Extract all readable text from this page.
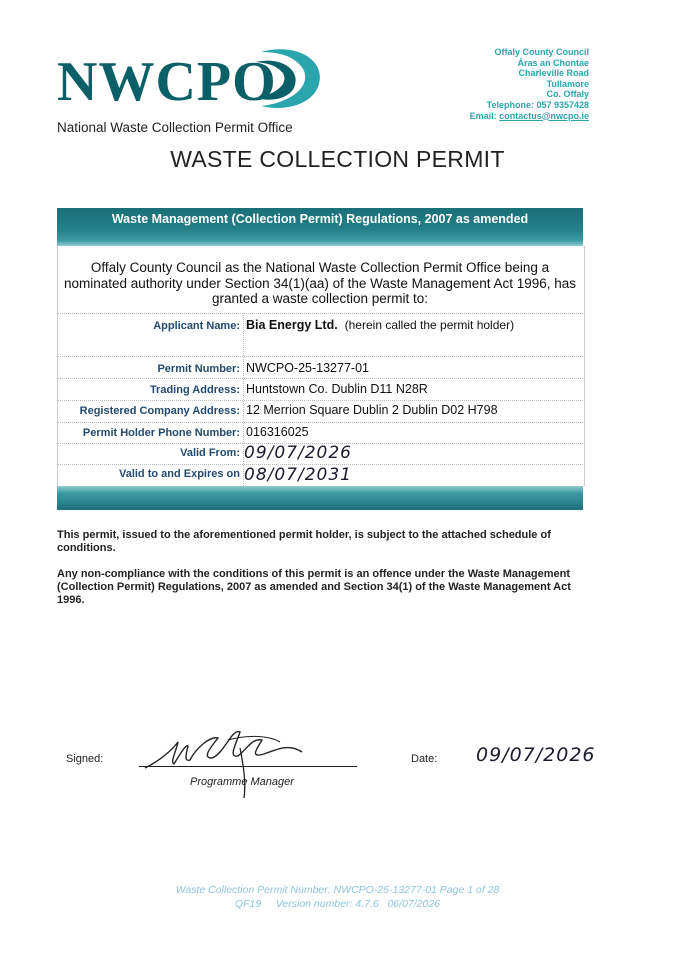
NWCPO
National Waste Collection Permit Office
Offaly County Council
Áras an Chontae
Charleville Road
Tullamore
Co. Offaly
Telephone: 057 9357428
Email: contactus@nwcpo.ie
WASTE COLLECTION PERMIT
Waste Management (Collection Permit) Regulations, 2007 as amended
Offaly County Council as the National Waste Collection Permit Office being a nominated authority under Section 34(1)(aa) of the Waste Management Act 1996, has granted a waste collection permit to:
Applicant Name: Bia Energy Ltd. (herein called the permit holder)
Permit Number: NWCPO-25-13277-01
Trading Address: Huntstown Co. Dublin D11 N28R
Registered Company Address: 12 Merrion Square Dublin 2 Dublin D02 H798
Permit Holder Phone Number: 016316025
Valid From: 09/07/2026
Valid to and Expires on 08/07/2031
This permit, issued to the aforementioned permit holder, is subject to the attached schedule of conditions.
Any non-compliance with the conditions of this permit is an offence under the Waste Management (Collection Permit) Regulations, 2007 as amended and Section 34(1) of the Waste Management Act 1996.
Signed:
Programme Manager
Date: 09/07/2026
Waste Collection Permit Number: NWCPO-25-13277-01 Page 1 of 28
QF19     Version number: 4.7.6   06/07/2026
